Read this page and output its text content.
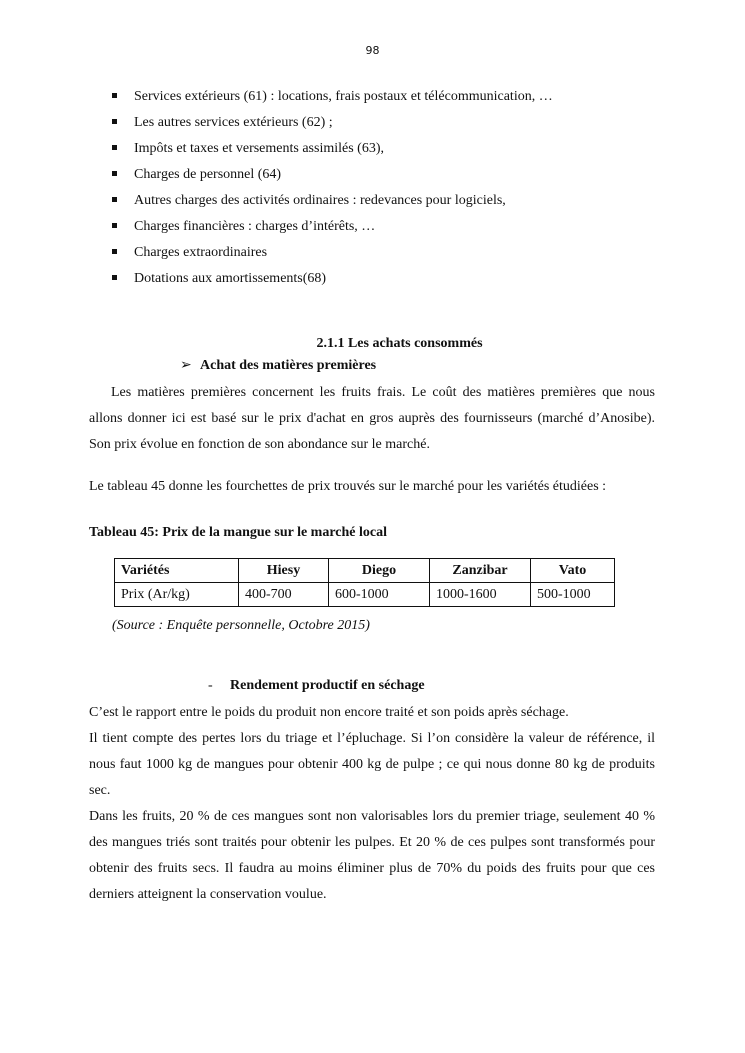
98
Services extérieurs (61) : locations, frais postaux et télécommunication, …
Les autres services extérieurs (62) ;
Impôts et taxes et versements assimilés (63),
Charges de personnel (64)
Autres charges des activités ordinaires : redevances pour logiciels,
Charges financières : charges d’intérêts, …
Charges extraordinaires
Dotations aux amortissements(68)
2.1.1 Les achats consommés
➢ Achat des matières premières

Les matières premières concernent les fruits frais. Le coût des matières premières que nous allons donner ici est basé sur le prix d'achat en gros auprès des fournisseurs (marché d’Anosibe). Son prix évolue en fonction de son abondance sur le marché.

Le tableau 45 donne les fourchettes de prix trouvés sur le marché pour les variétés étudiées :

Tableau 45: Prix de la mangue sur le marché local
Variétés	Hiesy	Diego	Zanzibar	Vato
Prix (Ar/kg)	400-700	600-1000	1000-1600	500-1000
(Source : Enquête personnelle, Octobre 2015)
- Rendement productif en séchage

C’est le rapport entre le poids du produit non encore traité et son poids après séchage.

Il tient compte des pertes lors du triage et l’épluchage. Si l’on considère la valeur de référence, il nous faut 1000 kg de mangues pour obtenir 400 kg de pulpe ; ce qui nous donne 80 kg de produits sec.

Dans les fruits, 20 % de ces mangues sont non valorisables lors du premier triage, seulement 40 % des mangues triés sont traités pour obtenir les pulpes. Et 20 % de ces pulpes sont transformés pour obtenir des fruits secs. Il faudra au moins éliminer plus de 70% du poids des fruits pour que ces derniers atteignent la conservation voulue.
